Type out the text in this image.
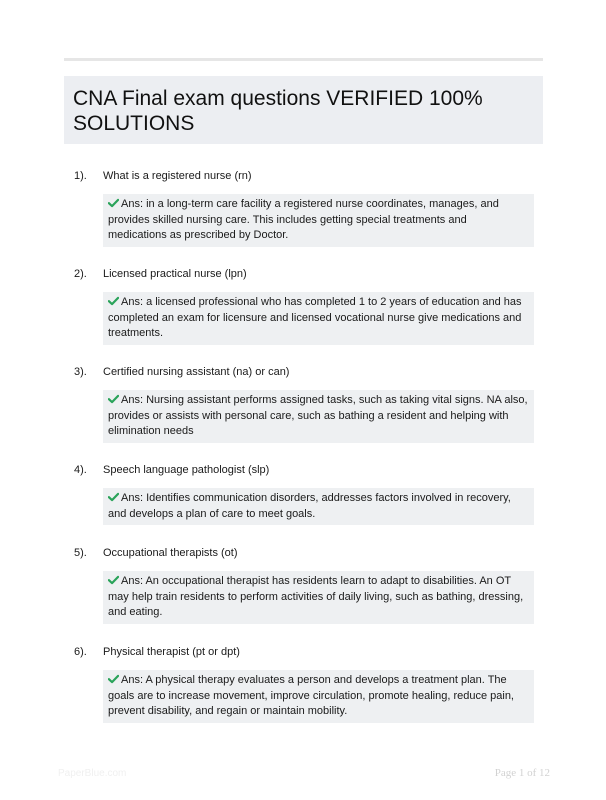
CNA Final exam questions VERIFIED 100% SOLUTIONS
1). What is a registered nurse (rn)
Ans: in a long-term care facility a registered nurse coordinates, manages, and provides skilled nursing care. This includes getting special treatments and medications as prescribed by Doctor.
2). Licensed practical nurse (lpn)
Ans: a licensed professional who has completed 1 to 2 years of education and has completed an exam for licensure and licensed vocational nurse give medications and treatments.
3). Certified nursing assistant (na) or can)
Ans: Nursing assistant performs assigned tasks, such as taking vital signs. NA also, provides or assists with personal care, such as bathing a resident and helping with elimination needs
4). Speech language pathologist (slp)
Ans: Identifies communication disorders, addresses factors involved in recovery, and develops a plan of care to meet goals.
5). Occupational therapists (ot)
Ans: An occupational therapist has residents learn to adapt to disabilities. An OT may help train residents to perform activities of daily living, such as bathing, dressing, and eating.
6). Physical therapist (pt or dpt)
Ans: A physical therapy evaluates a person and develops a treatment plan. The goals are to increase movement, improve circulation, promote healing, reduce pain, prevent disability, and regain or maintain mobility.
PaperBlue.com	Page 1 of 12
